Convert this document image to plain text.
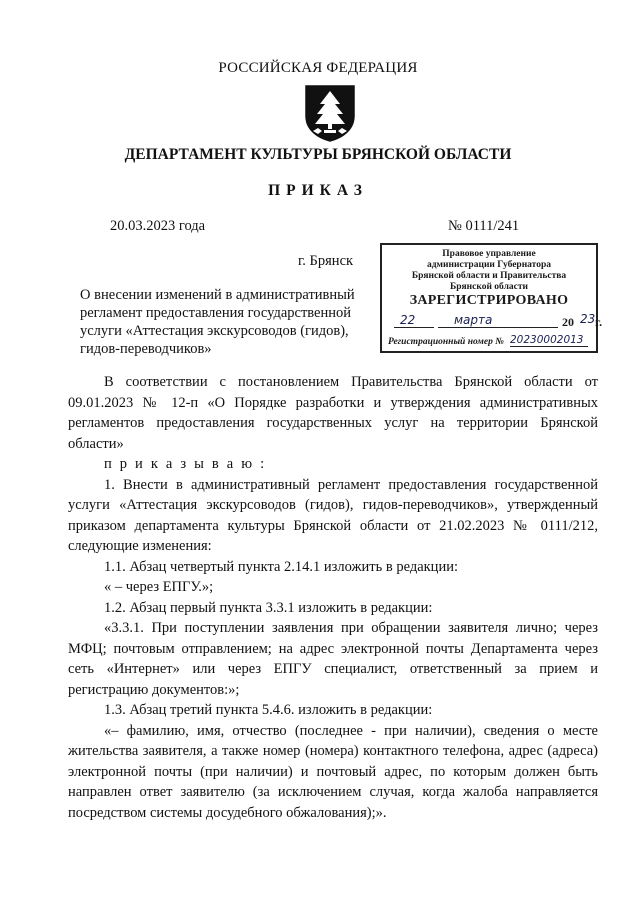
РОССИЙСКАЯ ФЕДЕРАЦИЯ
ДЕПАРТАМЕНТ КУЛЬТУРЫ БРЯНСКОЙ ОБЛАСТИ
ПРИКАЗ
20.03.2023 года	№ 0111/241
г. Брянск
О внесении изменений в административный регламент предоставления государственной услуги «Аттестация экскурсоводов (гидов), гидов-переводчиков»
Правовое управление
администрации Губернатора
Брянской области и Правительства
Брянской области
ЗАРЕГИСТРИРОВАНО
22	марта	20 23 г.
Регистрационный номер № 20230002013

В соответствии с постановлением Правительства Брянской области от 09.01.2023 № 12-п «О Порядке разработки и утверждения административных регламентов предоставления государственных услуг на территории Брянской области»

п р и к а з ы в а ю :

1. Внести в административный регламент предоставления государственной услуги «Аттестация экскурсоводов (гидов), гидов-переводчиков», утвержденный приказом департамента культуры Брянской области от 21.02.2023 № 0111/212, следующие изменения:

1.1. Абзац четвертый пункта 2.14.1 изложить в редакции:

« – через ЕПГУ.»;

1.2. Абзац первый пункта 3.3.1 изложить в редакции:

«3.3.1. При поступлении заявления при обращении заявителя лично; через МФЦ; почтовым отправлением; на адрес электронной почты Департамента через сеть «Интернет» или через ЕПГУ специалист, ответственный за прием и регистрацию документов:»;

1.3. Абзац третий пункта 5.4.6. изложить в редакции:

«– фамилию, имя, отчество (последнее - при наличии), сведения о месте жительства заявителя, а также номер (номера) контактного телефона, адрес (адреса) электронной почты (при наличии) и почтовый адрес, по которым должен быть направлен ответ заявителю (за исключением случая, когда жалоба направляется посредством системы досудебного обжалования);».
